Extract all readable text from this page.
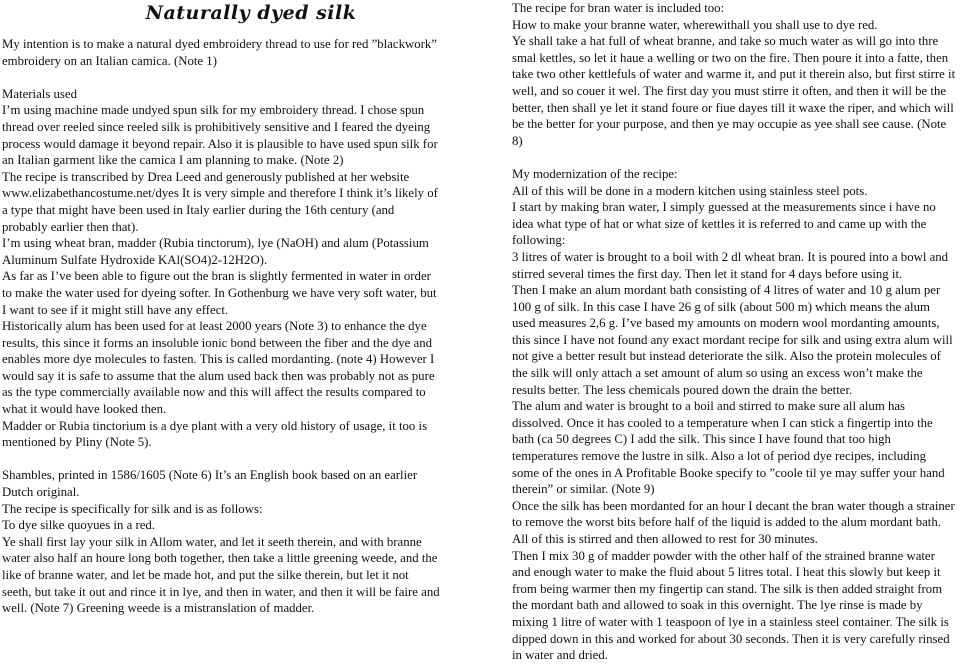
Naturally dyed silk

My intention is to make a natural dyed embroidery thread to use for red ”blackwork” embroidery on an Italian camica. (Note 1)

Materials used

I’m using machine made undyed spun silk for my embroidery thread. I chose spun thread over reeled since reeled silk is prohibitively sensitive and I feared the dyeing process would damage it beyond repair. Also it is plausible to have used spun silk for an Italian garment like the camica I am planning to make. (Note 2)

The recipe is transcribed by Drea Leed and generously published at her website www.elizabethancostume.net/dyes It is very simple and therefore I think it’s likely of a type that might have been used in Italy earlier during the 16th century (and probably earlier then that).

I’m using wheat bran, madder (Rubia tinctorum), lye (NaOH) and alum (Potassium Aluminum Sulfate Hydroxide KAl(SO4)2-12H2O).

As far as I’ve been able to figure out the bran is slightly fermented in water in order to make the water used for dyeing softer. In Gothenburg we have very soft water, but I want to see if it might still have any effect.

Historically alum has been used for at least 2000 years (Note 3) to enhance the dye results, this since it forms an insoluble ionic bond between the fiber and the dye and enables more dye molecules to fasten. This is called mordanting. (note 4) However I would say it is safe to assume that the alum used back then was probably not as pure as the type commercially available now and this will affect the results compared to what it would have looked then.

Madder or Rubia tinctorium is a dye plant with a very old history of usage, it too is mentioned by Pliny (Note 5).

Shambles, printed in 1586/1605 (Note 6) It’s an English book based on an earlier Dutch original.

The recipe is specifically for silk and is as follows:

To dye silke quoyues in a red.

Ye shall first lay your silk in Allom water, and let it seeth therein, and with branne water also half an houre long both together, then take a little greening weede, and the like of branne water, and let be made hot, and put the silke therein, but let it not seeth, but take it out and rince it in lye, and then in water, and then it will be faire and well. (Note 7) Greening weede is a mistranslation of madder.

The recipe for bran water is included too:

How to make your branne water, wherewithall you shall use to dye red.

Ye shall take a hat full of wheat branne, and take so much water as will go into thre smal kettles, so let it haue a welling or two on the fire. Then poure it into a fatte, then take two other kettlefuls of water and warme it, and put it therein also, but first stirre it well, and so couer it wel. The first day you must stirre it often, and then it will be the better, then shall ye let it stand foure or fiue dayes till it waxe the riper, and which will be the better for your purpose, and then ye may occupie as yee shall see cause. (Note 8)

My modernization of the recipe:

All of this will be done in a modern kitchen using stainless steel pots.

I start by making bran water, I simply guessed at the measurements since i have no idea what type of hat or what size of kettles it is referred to and came up with the following:

3 litres of water is brought to a boil with 2 dl wheat bran. It is poured into a bowl and stirred several times the first day. Then let it stand for 4 days before using it.

Then I make an alum mordant bath consisting of 4 litres of water and 10 g alum per 100 g of silk. In this case I have 26 g of silk (about 500 m) which means the alum used measures 2,6 g. I’ve based my amounts on modern wool mordanting amounts, this since I have not found any exact mordant recipe for silk and using extra alum will not give a better result but instead deteriorate the silk. Also the protein molecules of the silk will only attach a set amount of alum so using an excess won’t make the results better. The less chemicals poured down the drain the better.

The alum and water is brought to a boil and stirred to make sure all alum has dissolved. Once it has cooled to a temperature when I can stick a fingertip into the bath (ca 50 degrees C) I add the silk. This since I have found that too high temperatures remove the lustre in silk. Also a lot of period dye recipes, including some of the ones in A Profitable Booke specify to ”coole til ye may suffer your hand therein” or similar. (Note 9)

Once the silk has been mordanted for an hour I decant the bran water though a strainer to remove the worst bits before half of the liquid is added to the alum mordant bath. All of this is stirred and then allowed to rest for 30 minutes.

Then I mix 30 g of madder powder with the other half of the strained branne water and enough water to make the fluid about 5 litres total. I heat this slowly but keep it from being warmer then my fingertip can stand. The silk is then added straight from the mordant bath and allowed to soak in this overnight. The lye rinse is made by mixing 1 litre of water with 1 teaspoon of lye in a stainless steel container. The silk is dipped down in this and worked for about 30 seconds. Then it is very carefully rinsed in water and dried.
